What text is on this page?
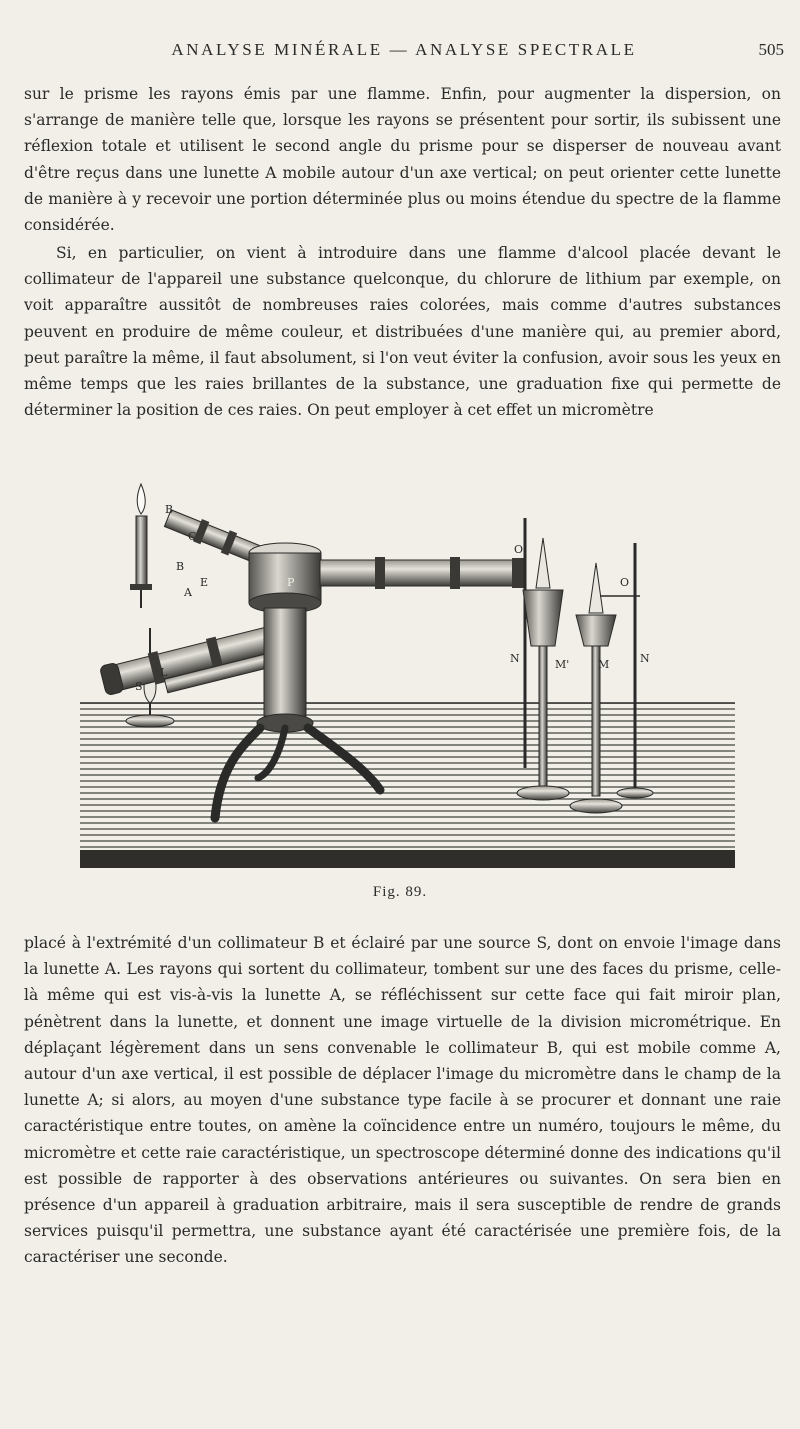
ANALYSE MINÉRALE — ANALYSE SPECTRALE	505

sur le prisme les rayons émis par une flamme. Enfin, pour augmenter la dispersion, on s'arrange de manière telle que, lorsque les rayons se présentent pour sortir, ils subissent une réflexion totale et utilisent le second angle du prisme pour se disperser de nouveau avant d'être reçus dans une lunette A mobile autour d'un axe vertical; on peut orienter cette lunette de manière à y recevoir une portion déterminée plus ou moins étendue du spectre de la flamme considérée.

Si, en particulier, on vient à introduire dans une flamme d'alcool placée devant le collimateur de l'appareil une substance quelconque, du chlorure de lithium par exemple, on voit apparaître aussitôt de nombreuses raies colorées, mais comme d'autres substances peuvent en produire de même couleur, et distribuées d'une manière qui, au premier abord, peut paraître la même, il faut absolument, si l'on veut éviter la confusion, avoir sous les yeux en même temps que les raies brillantes de la substance, une graduation fixe qui permette de déterminer la position de ces raies. On peut employer à cet effet un micromètre

B
C
B
A
E	P
L
S
O
O
N	M'	M	N
Fig. 89.

placé à l'extrémité d'un collimateur B et éclairé par une source S, dont on envoie l'image dans la lunette A. Les rayons qui sortent du collimateur, tombent sur une des faces du prisme, celle-là même qui est vis-à-vis la lunette A, se réfléchissent sur cette face qui fait miroir plan, pénètrent dans la lunette, et donnent une image virtuelle de la division micrométrique. En déplaçant légèrement dans un sens convenable le collimateur B, qui est mobile comme A, autour d'un axe vertical, il est possible de déplacer l'image du micromètre dans le champ de la lunette A; si alors, au moyen d'une substance type facile à se procurer et donnant une raie caractéristique entre toutes, on amène la coïncidence entre un numéro, toujours le même, du micromètre et cette raie caractéristique, un spectroscope déterminé donne des indications qu'il est possible de rapporter à des observations antérieures ou suivantes. On sera bien en présence d'un appareil à graduation arbitraire, mais il sera susceptible de rendre de grands services puisqu'il permettra, une substance ayant été caractérisée une première fois, de la caractériser une seconde.
